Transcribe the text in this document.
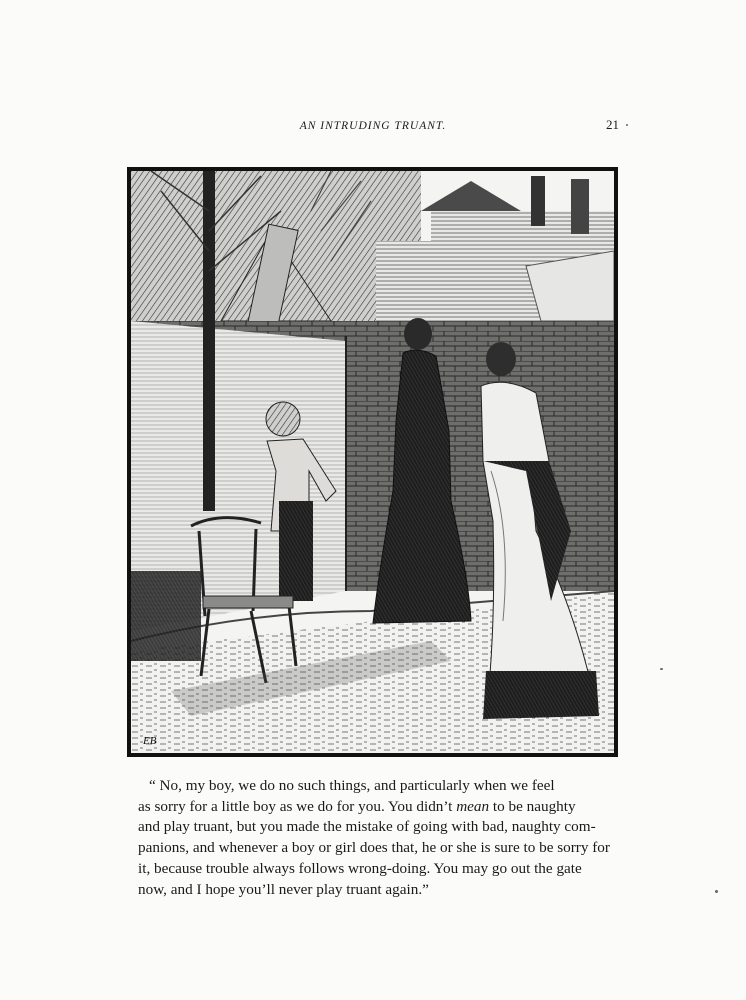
AN INTRUDING TRUANT.	21
EB

“ No, my boy, we do no such things, and particularly when we feel

as sorry for a little boy as we do for you. You didn’t mean to be naughty

and play truant, but you made the mistake of going with bad, naughty com-

panions, and whenever a boy or girl does that, he or she is sure to be sorry for

it, because trouble always follows wrong-doing. You may go out the gate

now, and I hope you’ll never play truant again.”
